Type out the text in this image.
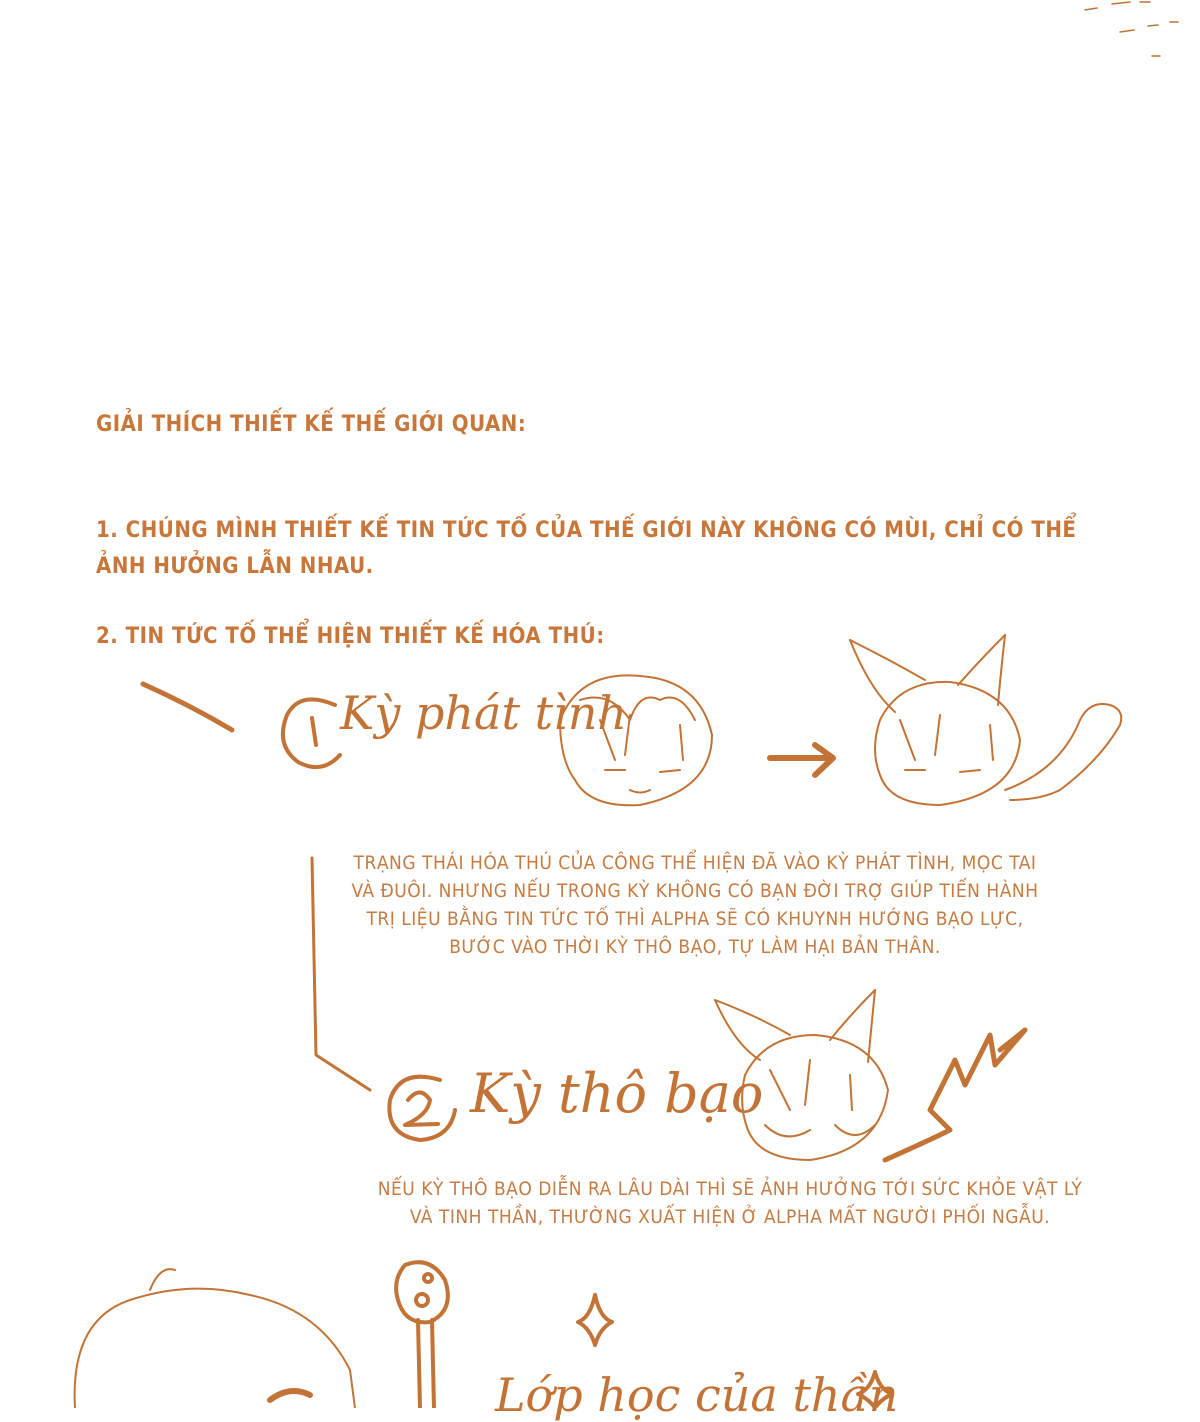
GIẢI THÍCH THIẾT KẾ THẾ GIỚI QUAN:

1. CHÚNG MÌNH THIẾT KẾ TIN TỨC TỐ CỦA THẾ GIỚI NÀY KHÔNG CÓ MÙI, CHỈ CÓ THỂ

ẢNH HƯỞNG LẪN NHAU.

2. TIN TỨC TỐ THỂ HIỆN THIẾT KẾ HÓA THÚ:

Kỳ phát tình

TRẠNG THÁI HÓA THÚ CỦA CÔNG THỂ HIỆN ĐÃ VÀO KỲ PHÁT TÌNH, MỌC TAI

VÀ ĐUÔI. NHƯNG NẾU TRONG KỲ KHÔNG CÓ BẠN ĐỜI TRỢ GIÚP TIẾN HÀNH

TRỊ LIỆU BẰNG TIN TỨC TỐ THÌ ALPHA SẼ CÓ KHUYNH HƯỚNG BẠO LỰC,

BƯỚC VÀO THỜI KỲ THÔ BẠO, TỰ LÀM HẠI BẢN THÂN.

Kỳ thô bạo

NẾU KỲ THÔ BẠO DIỄN RA LÂU DÀI THÌ SẼ ẢNH HƯỞNG TỚI SỨC KHỎE VẬT LÝ

VÀ TINH THẦN, THƯỜNG XUẤT HIỆN Ở ALPHA MẤT NGƯỜI PHỐI NGẪU.

Lớp học của thần
